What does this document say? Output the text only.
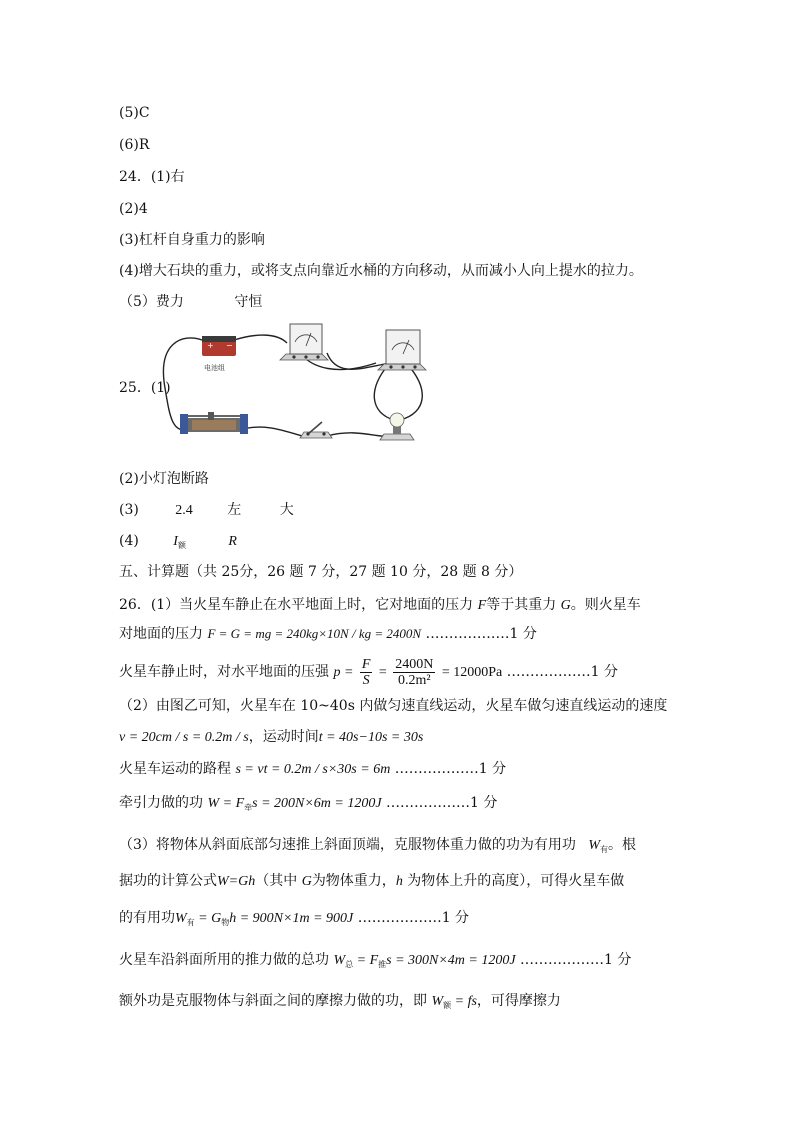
(5)C
(6)R
24．(1)右
(2)4
(3)杠杆自身重力的影响
(4)增大石块的重力，或将支点向靠近水桶的方向移动，从而减小人向上提水的拉力。
（5）费力	守恒
25．(1)
+ −
电池组
(2)小灯泡断路
(3)	2.4 左	大
(4) $I_额$	R
五、计算题（共 25分，26 题 7 分，27 题 10 分，28 题 8 分）
26．(1）当火星车静止在水平地面上时，它对地面的压力 F等于其重力 G。则火星车
对地面的压力 F = G = mg = 240kg×10N / kg = 2400N ………………1 分
火星车静止时，对水平地面的压强 $p = \frac{F}{S} = \frac{2400N}{\text{0.2m²}} = 12000Pa$ ………………1 分
（2）由图乙可知，火星车在 10~40s 内做匀速直线运动，火星车做匀速直线运动的速度
v = 20cm / s = 0.2m / s，运动时间t = 40s−10s = 30s
火星车运动的路程 s = vt = 0.2m / s×30s = 6m ………………1 分
牵引力做的功 $W = F_牵s = 200N\times 6m = 1200J$ ………………1 分
（3）将物体从斜面底部匀速推上斜面顶端，克服物体重力做的功为有用功 $W_有$。根
据功的计算公式W=Gh（其中 G为物体重力，h 为物体上升的高度），可得火星车做
的有用功$W_有 = G_物h = 900N\times 1m = 900J$ ………………1 分
火星车沿斜面所用的推力做的总功 $W_总 = F_推s = 300N\times 4m = 1200J$ ………………1 分
额外功是克服物体与斜面之间的摩擦力做的功，即 $W_额$ = fs，可得摩擦力
